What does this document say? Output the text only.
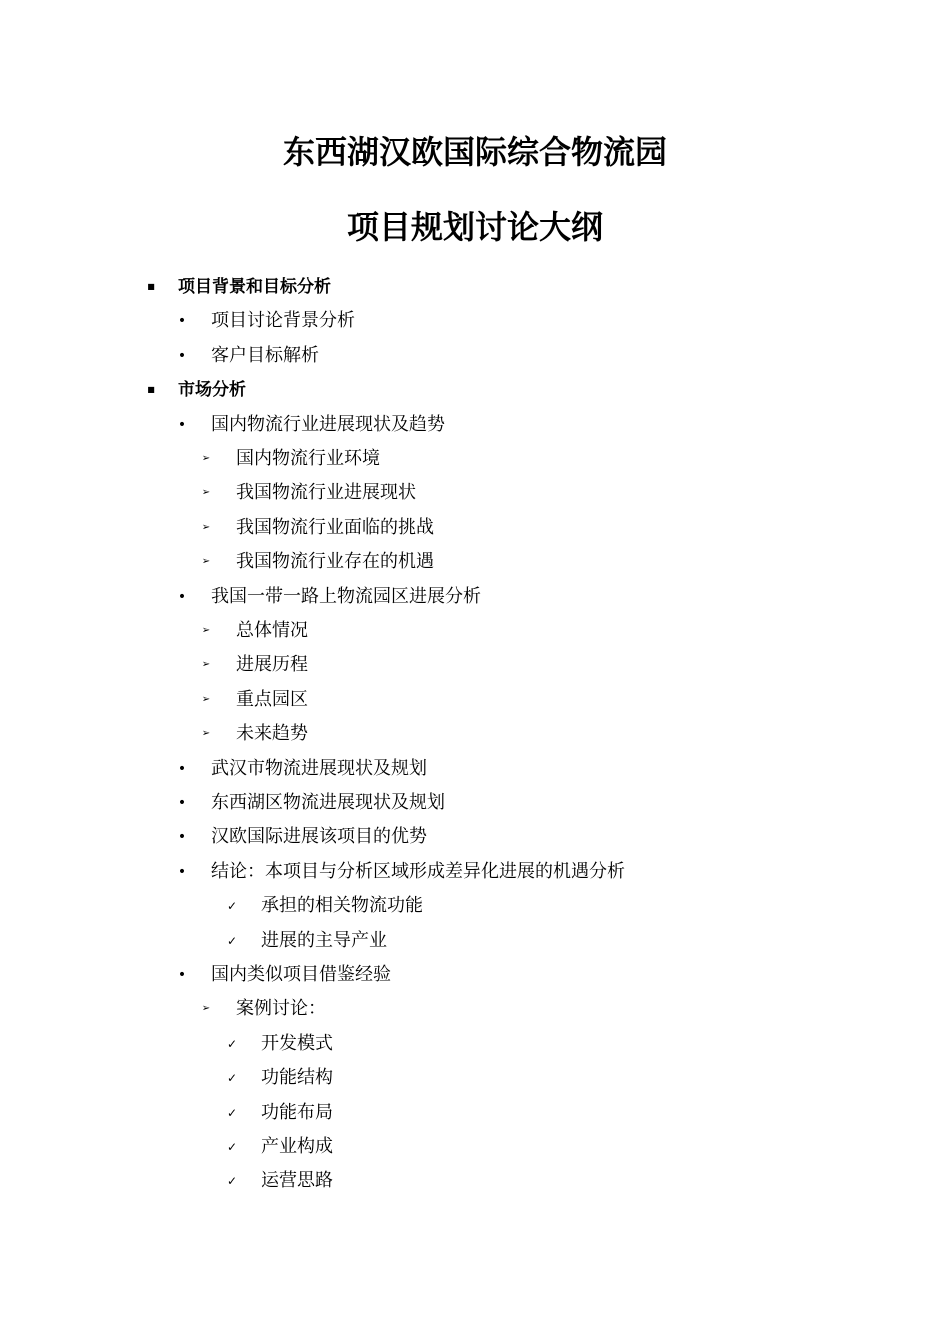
东西湖汉欧国际综合物流园
项目规划讨论大纲
■	项目背景和目标分析
•	项目讨论背景分析
•	客户目标解析
■	市场分析
•	国内物流行业进展现状及趋势
➢	国内物流行业环境
➢	我国物流行业进展现状
➢	我国物流行业面临的挑战
➢	我国物流行业存在的机遇
•	我国一带一路上物流园区进展分析
➢	总体情况
➢	进展历程
➢	重点园区
➢	未来趋势
•	武汉市物流进展现状及规划
•	东西湖区物流进展现状及规划
•	汉欧国际进展该项目的优势
•	结论：本项目与分析区域形成差异化进展的机遇分析
✓ 承担的相关物流功能
✓ 进展的主导产业
•	国内类似项目借鉴经验
➢	案例讨论：
✓ 开发模式
✓ 功能结构
✓ 功能布局
✓ 产业构成
✓ 运营思路
